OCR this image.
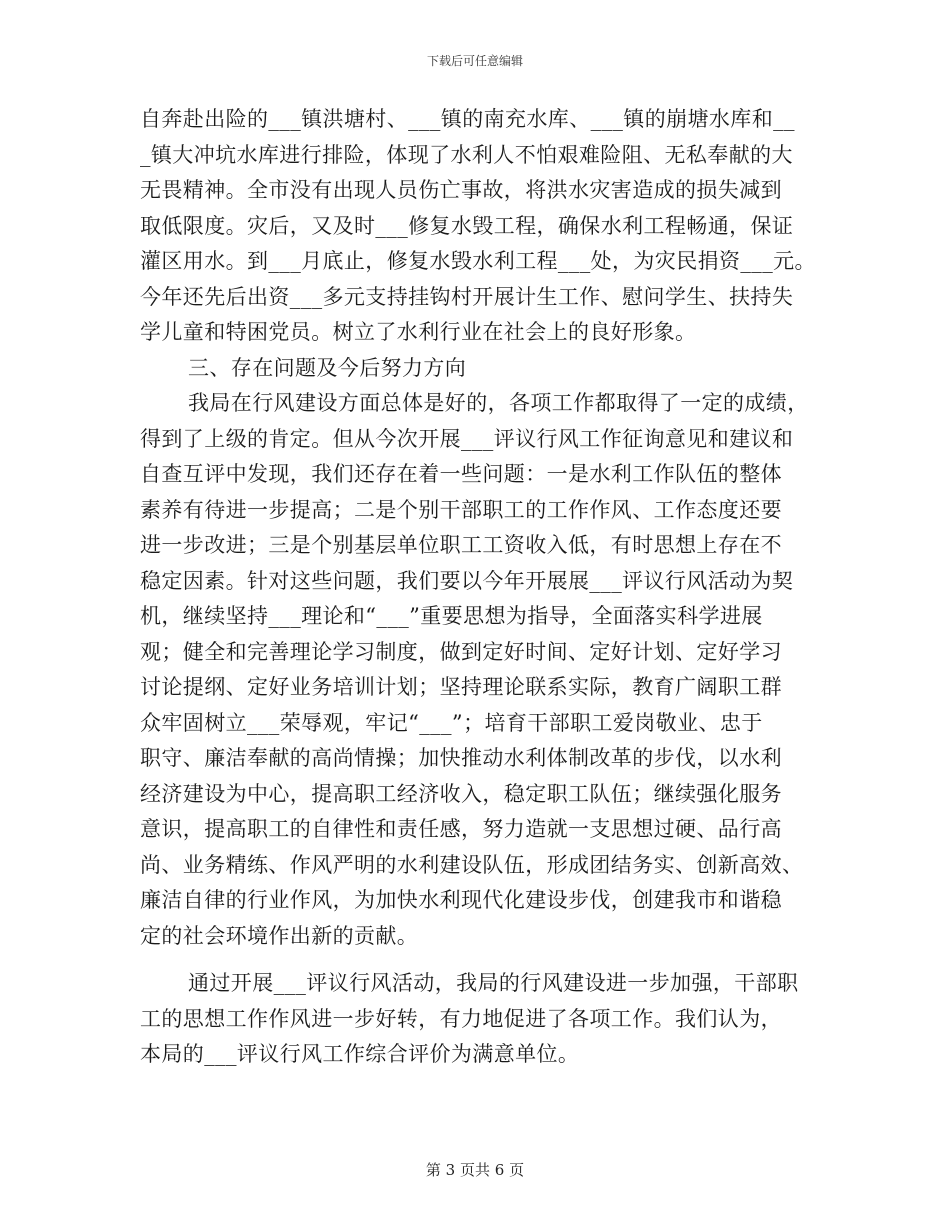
下载后可任意编辑
自奔赴出险的___镇洪塘村、___镇的南充水库、___镇的崩塘水库和__
_镇大冲坑水库进行排险，体现了水利人不怕艰难险阻、无私奉献的大
无畏精神。全市没有出现人员伤亡事故，将洪水灾害造成的损失减到
取低限度。灾后，又及时___修复水毁工程，确保水利工程畅通，保证
灌区用水。到___月底止，修复水毁水利工程___处，为灾民捐资___元。
今年还先后出资___多元支持挂钩村开展计生工作、慰问学生、扶持失
学儿童和特困党员。树立了水利行业在社会上的良好形象。
三、存在问题及今后努力方向
我局在行风建设方面总体是好的，各项工作都取得了一定的成绩，
得到了上级的肯定。但从今次开展___评议行风工作征询意见和建议和
自查互评中发现，我们还存在着一些问题：一是水利工作队伍的整体
素养有待进一步提高；二是个别干部职工的工作作风、工作态度还要
进一步改进；三是个别基层单位职工工资收入低，有时思想上存在不
稳定因素。针对这些问题，我们要以今年开展展___评议行风活动为契
机，继续坚持___理论和“___”重要思想为指导，全面落实科学进展
观；健全和完善理论学习制度，做到定好时间、定好计划、定好学习
讨论提纲、定好业务培训计划；坚持理论联系实际，教育广阔职工群
众牢固树立___荣辱观，牢记“___”；培育干部职工爱岗敬业、忠于
职守、廉洁奉献的高尚情操；加快推动水利体制改革的步伐，以水利
经济建设为中心，提高职工经济收入，稳定职工队伍；继续强化服务
意识，提高职工的自律性和责任感，努力造就一支思想过硬、品行高
尚、业务精练、作风严明的水利建设队伍，形成团结务实、创新高效、
廉洁自律的行业作风，为加快水利现代化建设步伐，创建我市和谐稳
定的社会环境作出新的贡献。
通过开展___评议行风活动，我局的行风建设进一步加强，干部职
工的思想工作作风进一步好转，有力地促进了各项工作。我们认为，
本局的___评议行风工作综合评价为满意单位。
第 3 页共 6 页
